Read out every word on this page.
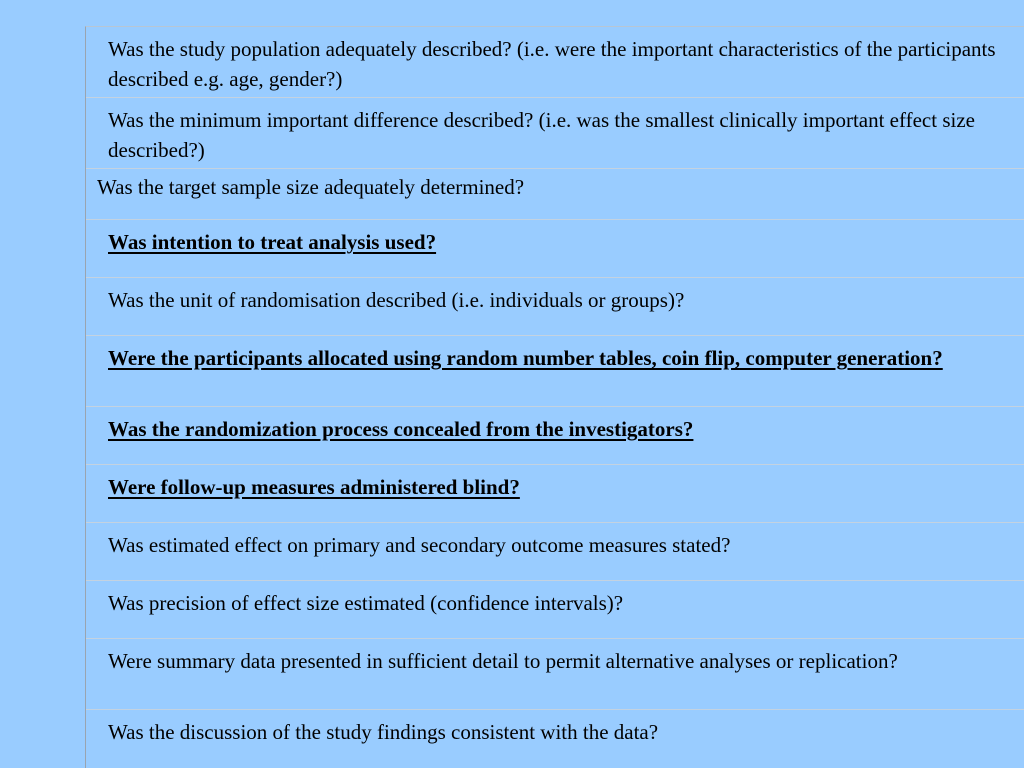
Was the study population adequately described? (i.e. were the important characteristics of the participants described e.g. age, gender?)
Was the minimum important difference described? (i.e. was the smallest clinically important effect size described?)
Was the target sample size adequately determined?
Was intention to treat analysis used?
Was the unit of randomisation described (i.e. individuals or groups)?
Were the participants allocated using random number tables, coin flip, computer generation?
Was the randomization process concealed from the investigators?
Were follow-up measures administered blind?
Was estimated effect on primary and secondary outcome measures stated?
Was precision of effect size estimated (confidence intervals)?
Were summary data presented in sufficient detail to permit alternative analyses or replication?
Was the discussion of the study findings consistent with the data?
